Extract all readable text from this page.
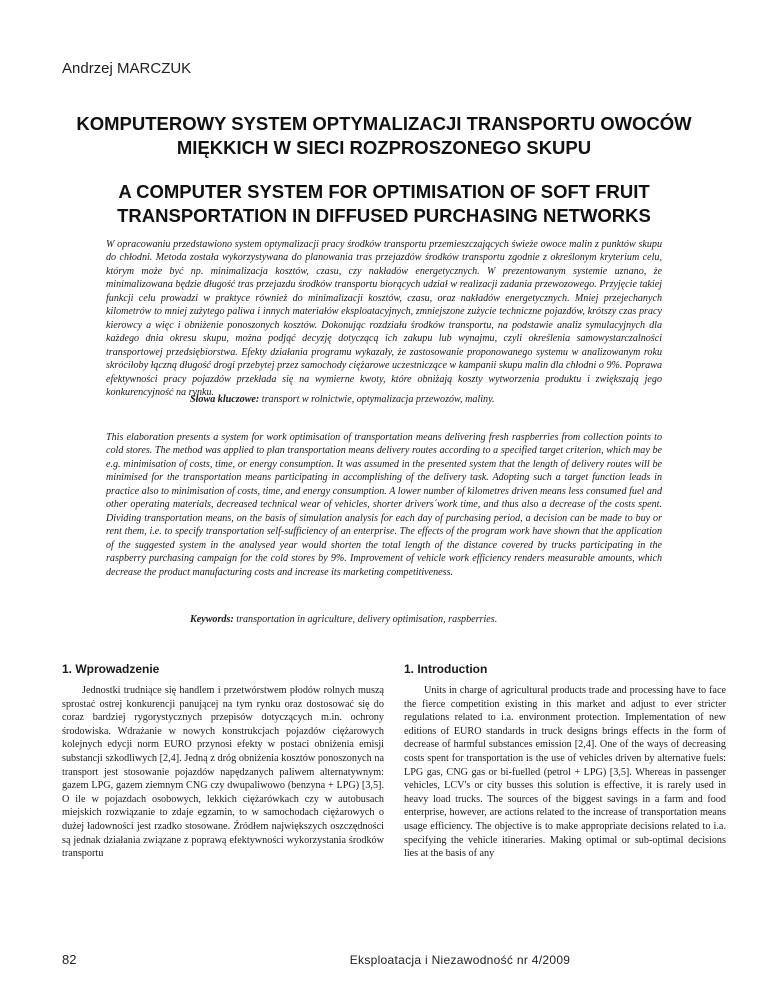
Andrzej MARCZUK
KOMPUTEROWY SYSTEM OPTYMALIZACJI TRANSPORTU OWOCÓW
MIĘKKICH W SIECI ROZPROSZONEGO SKUPU
A COMPUTER SYSTEM FOR OPTIMISATION OF SOFT FRUIT
TRANSPORTATION IN DIFFUSED PURCHASING NETWORKS

W opracowaniu przedstawiono system optymalizacji pracy środków transportu przemieszczających świeże owoce malin z punktów skupu do chłodni. Metoda została wykorzystywana do planowania tras przejazdów środków transportu zgodnie z określonym kryterium celu, którym może być np. minimalizacja kosztów, czasu, czy nakładów energetycznych. W prezentowanym systemie uznano, że minimalizowana będzie długość tras przejazdu środków transportu biorących udział w realizacji zadania przewozowego. Przyjęcie takiej funkcji celu prowadzi w praktyce również do minimalizacji kosztów, czasu, oraz nakładów energetycznych. Mniej przejechanych kilometrów to mniej zużytego paliwa i innych materiałów eksploatacyjnych, zmniejszone zużycie techniczne pojazdów, krótszy czas pracy kierowcy a więc i obniżenie ponoszonych kosztów. Dokonując rozdziału środków transportu, na podstawie analiz symulacyjnych dla każdego dnia okresu skupu, można podjąć decyzję dotyczącą ich zakupu lub wynajmu, czyli określenia samowystarczalności transportowej przedsiębiorstwa. Efekty działania programu wykazały, że zastosowanie proponowanego systemu w analizowanym roku skróciłoby łączną długość drogi przebytej przez samochody ciężarowe uczestniczące w kampanii skupu malin dla chłodni o 9%. Poprawa efektywności pracy pojazdów przekłada się na wymierne kwoty, które obniżają koszty wytworzenia produktu i zwiększają jego konkurencyjność na rynku.

Słowa kluczowe: transport w rolnictwie, optymalizacja przewozów, maliny.

This elaboration presents a system for work optimisation of transportation means delivering fresh raspberries from collection points to cold stores. The method was applied to plan transportation means delivery routes according to a specified target criterion, which may be e.g. minimisation of costs, time, or energy consumption. It was assumed in the presented system that the length of delivery routes will be minimised for the transportation means participating in accomplishing of the delivery task. Adopting such a target function leads in practice also to minimisation of costs, time, and energy consumption. A lower number of kilometres driven means less consumed fuel and other operating materials, decreased technical wear of vehicles, shorter drivers´work time, and thus also a decrease of the costs spent. Dividing transportation means, on the basis of simulation analysis for each day of purchasing period, a decision can be made to buy or rent them, i.e. to specify transportation self-sufficiency of an enterprise. The effects of the program work have shown that the application of the suggested system in the analysed year would shorten the total length of the distance covered by trucks participating in the raspberry purchasing campaign for the cold stores by 9%. Improvement of vehicle work efficiency renders measurable amounts, which decrease the product manufacturing costs and increase its marketing competitiveness.

Keywords: transportation in agriculture, delivery optimisation, raspberries.
1. Wprowadzenie	1. Introduction

Jednostki trudniące się handlem i przetwórstwem płodów rolnych muszą sprostać ostrej konkurencji panującej na tym rynku oraz dostosować się do coraz bardziej rygorystycznych przepisów dotyczących m.in. ochrony środowiska. Wdrażanie w nowych konstrukcjach pojazdów ciężarowych kolejnych edycji norm EURO przynosi efekty w postaci obniżenia emisji substancji szkodliwych [2,4]. Jedną z dróg obniżenia kosztów ponoszonych na transport jest stosowanie pojazdów napędzanych paliwem alternatywnym: gazem LPG, gazem ziemnym CNG czy dwupaliwowo (benzyna + LPG) [3,5]. O ile w pojazdach osobowych, lekkich ciężarówkach czy w autobusach miejskich rozwiązanie to zdaje egzamin, to w samochodach ciężarowych o dużej ładowności jest rzadko stosowane. Źródłem największych oszczędności są jednak działania związane z poprawą efektywności wykorzystania środków transportu

Units in charge of agricultural products trade and processing have to face the fierce competition existing in this market and adjust to ever stricter regulations related to i.a. environment protection. Implementation of new editions of EURO standards in truck designs brings effects in the form of decrease of harmful substances emission [2,4]. One of the ways of decreasing costs spent for transportation is the use of vehicles driven by alternative fuels: LPG gas, CNG gas or bi-fuelled (petrol + LPG) [3,5]. Whereas in passenger vehicles, LCV's or city busses this solution is effective, it is rarely used in heavy load trucks. The sources of the biggest savings in a farm and food enterprise, however, are actions related to the increase of transportation means usage efficiency. The objective is to make appropriate decisions related to i.a. specifying the vehicle itineraries. Making optimal or sub-optimal decisions lies at the basis of any

82	Eksploatacja i Niezawodność nr 4/2009
